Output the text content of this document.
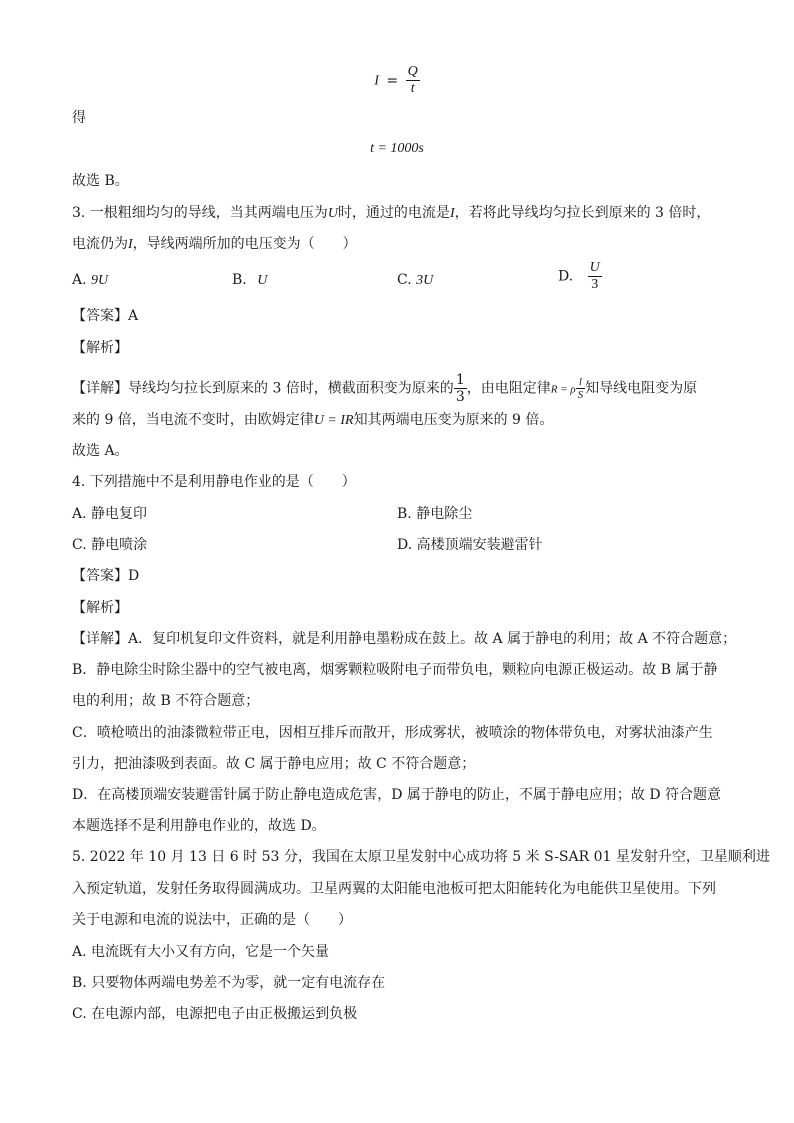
$I = \frac{Q}{t}$
得
t = 1000s
故选 B。
3. 一根粗细均匀的导线，当其两端电压为U时，通过的电流是I，若将此导线均匀拉长到原来的 3 倍时，
电流仍为I，导线两端所加的电压变为（　　）
A. 9U	B. U	C. 3U	D. $\frac{U}{3}$
【答案】A
【解析】
【详解】导线均匀拉长到原来的 3 倍时，横截面积变为原来的 $\frac{1}{3}$ ，由电阻定律R = ρ $\frac{l}{S}$ 知导线电阻变为原
来的 9 倍，当电流不变时，由欧姆定律U = IR知其两端电压变为原来的 9 倍。
故选 A。
4. 下列措施中不是利用静电作业的是（　　）
A. 静电复印	B. 静电除尘
C. 静电喷涂	D. 高楼顶端安装避雷针
【答案】D
【解析】
【详解】A．复印机复印文件资料，就是利用静电墨粉成在鼓上。故 A 属于静电的利用；故 A 不符合题意；
B．静电除尘时除尘器中的空气被电离，烟雾颗粒吸附电子而带负电，颗粒向电源正极运动。故 B 属于静
电的利用；故 B 不符合题意；
C．喷枪喷出的油漆微粒带正电，因相互排斥而散开，形成雾状，被喷涂的物体带负电，对雾状油漆产生
引力，把油漆吸到表面。故 C 属于静电应用；故 C 不符合题意；
D．在高楼顶端安装避雷针属于防止静电造成危害，D 属于静电的防止，不属于静电应用；故 D 符合题意
本题选择不是利用静电作业的，故选 D。
5. 2022 年 10 月 13 日 6 时 53 分，我国在太原卫星发射中心成功将 5 米 S-SAR 01 星发射升空，卫星顺利进
入预定轨道，发射任务取得圆满成功。卫星两翼的太阳能电池板可把太阳能转化为电能供卫星使用。下列
关于电源和电流的说法中，正确的是（　　）
A. 电流既有大小又有方向，它是一个矢量
B. 只要物体两端电势差不为零，就一定有电流存在
C. 在电源内部，电源把电子由正极搬运到负极
